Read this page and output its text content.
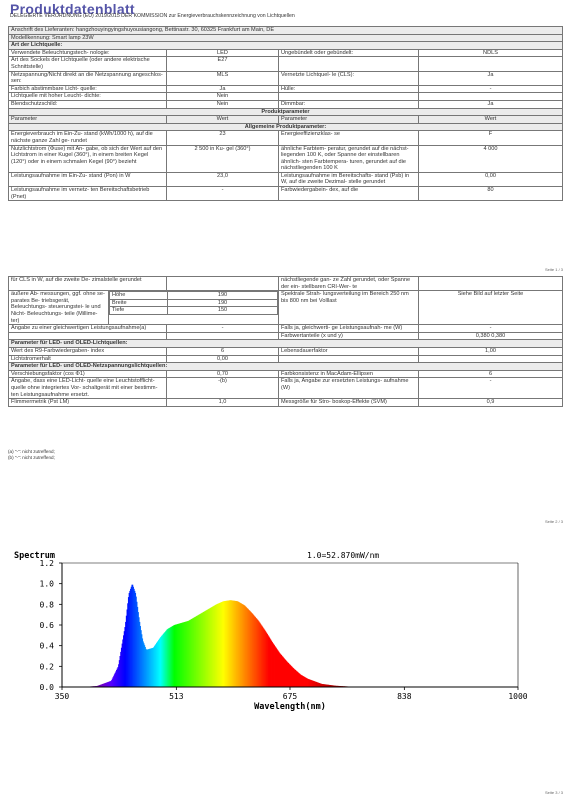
Produktdatenblatt
DELEGIERTE VERORDNUNG (EU) 2019/2015 DER KOMMISSION zur Energieverbrauchskennzeichnung von Lichtquellen
Anschrift des Lieferanten: hangzhouyingyingshuyousiangong, Bettinastr. 30, 60325 Frankfurt am Main, DE			
Modellkennung: Smart lamp 23W			
Art der Lichtquelle:			
Verwendete Beleuchtungstech- nologie:	LED	Ungebündelt oder gebündelt:	NDLS
Art des Sockels der Lichtquelle (oder andere elektrische Schnittstelle)	E27		
Netzspannung/Nicht direkt an die Netzspannung angeschlos- sen:	MLS	Vernetzte Lichtquel- le (CLS):	Ja
Farbich abstimmbare Licht- quelle:	Ja	Hülle:	-
Lichtquelle mit hoher Leucht- dichte:	Nein		
Blendschutzschild:	Nein	Dimmbar:	Ja
Produktparameter			
Parameter	Wert	Parameter	Wert
Allgemeine Produktparameter:			
Energieverbrauch im Ein-Zu- stand (kWh/1000 h), auf die nächste ganze Zahl ge- rundet	23	Energieeffizienzklas- se	F
Nutzlichtstrom (Φuse) mit An- gabe, ob sich der Wert auf den Lichtstrom in einer Kugel (360°), in einem breiten Kegel (120°) oder in einem schmalen Kegel (90°) bezieht	2 500 in Ku- gel (360°)	ähnliche Farbtem- peratur, gerundet auf die nächst- liegenden 100 K, oder Spanne der einstellbaren ähnlich- sten Farbtempera- turen, gerundet auf die nächstliegenden 100 K	4 000
Leistungsaufnahme im Ein-Zu- stand (Pon) in W	23,0	Leistungsaufnahme im Bereitschafts- stand (Psb) in W, auf die zweite Dezimal- stelle gerundet	0,00
Leistungsaufnahme im vernetz- ten Bereitschaftsbetrieb (Pnet)	-	Farbwiedergabein- dex, auf die	80
Seite 1 / 3
für CLS in W, auf die zweite De- zimalstelle gerundet		nächstliegende gan- ze Zahl gerundet, oder Spanne der ein- stellbaren CRI-Wer- te	
äußere Ab- messungen, ggf. ohne se- parates Be- triebsgerät, Beleuchtungs- steuerungstei- le und Nicht- Beleuchtungs- teile (Millime- ter)	
Höhe	190
Breite	190
Tiefe	150
	Spektrale Strah- lungsverteilung im Bereich 250 nm bis 800 nm bei Volllast	Siehe Bild auf letzter Seite
Angabe zu einer gleichwertigen Leistungsaufnahme(a)	-	Falls ja, gleichwerti- ge Leistungsaufnah- me (W)	-
		Farbwertanteile (x und y)	0,380 0,380
Parameter für LED- und OLED-Lichtquellen:
Wert des R9-Farbwiedergaben- index	6	Lebensdauerfaktor	1,00
Lichtstromerhalt	0,00		
Parameter für LED- und OLED-Netzspannungslichtquellen:
Verschiebungsfaktor (cos Φ1)	0,70	Farbkonsistenz in MacAdam-Ellipsen	6
Angabe, dass eine LED-Licht- quelle eine Leuchtstofflicht- quelle ohne integriertes Vor- schaltgerät mit einer bestimm- ten Leistungsaufnahme ersetzt.	-(b)	Falls ja, Angabe zur ersetzten Leistungs- aufnahme (W)	-
Flimmermetrik (Pst LM)	1,0	Messgröße für Stro- boskop-Effekte (SVM)	0,9
(a) "-": nicht zutreffend;
(b) "-": nicht zutreffend;
Seite 2 / 3
0.0
0.2
0.4
0.6
0.8
1.0
1.2
350	513	675	838	1000
Spectrum	1.0=52.870mW/nm
Wavelength(nm)
Seite 3 / 3
